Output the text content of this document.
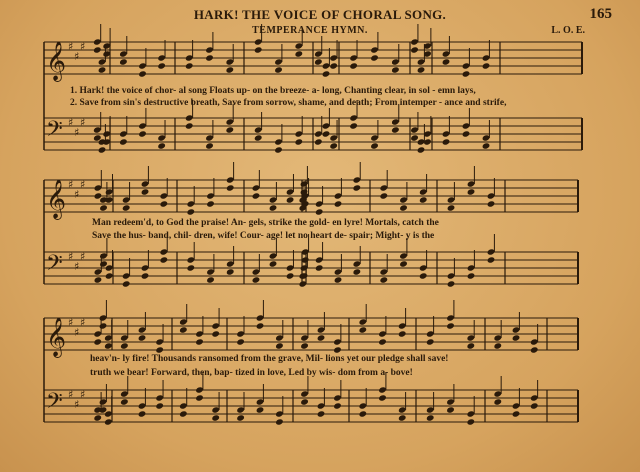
HARK! THE VOICE OF CHORAL SONG.	165
TEMPERANCE HYMN.	L. O. E.
𝄞 ♯
♯
♯
𝄢 ♯
♯
♯
𝄞 ♯
♯
♯
𝄢 ♯
♯
♯
𝄞 ♯
♯
♯
𝄢 ♯
♯
♯
1. Hark! the voice of chor- al song Floats up- on the breeze- a- long, Chanting clear, in sol - emn lays,
2. Save from sin's destructive breath, Save from sorrow, shame, and death; From intemper - ance and strife,
Man redeem'd, to God the praise! An- gels, strike the gold- en lyre! Mortals, catch the
Save the hus- band, chil- dren, wife! Cour- age! let no heart de- spair; Might- y is the
heav'n- ly fire! Thousands ransomed from the grave, Mil- lions yet our pledge shall save!
truth we bear! Forward, then, bap- tized in love, Led by wis- dom from a- bove!
